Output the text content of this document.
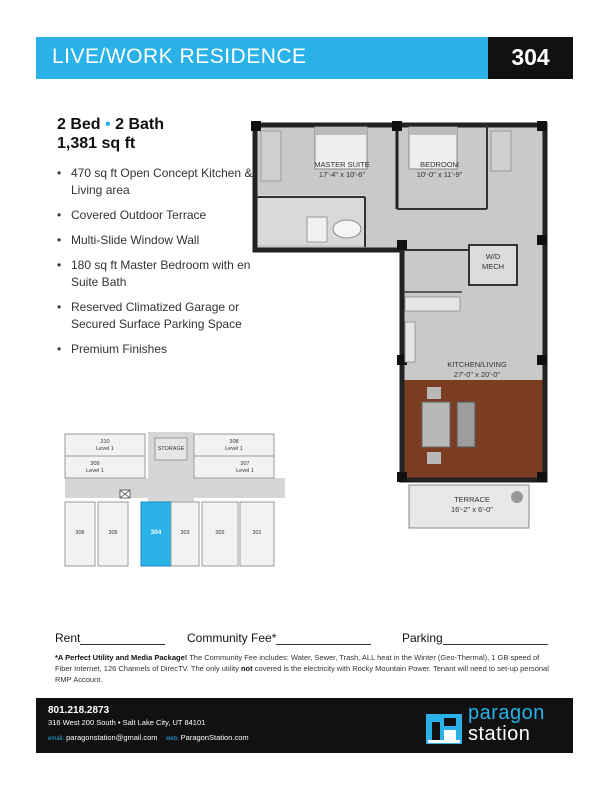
LIVE/WORK RESIDENCE	304
2 Bed • 2 Bath
1,381 sq ft
• 470 sq ft Open Concept Kitchen & Living area
• Covered Outdoor Terrace
• Multi-Slide Window Wall
• 180 sq ft Master Bedroom with en Suite Bath
• Reserved Climatized Garage or Secured Surface Parking Space
• Premium Finishes
MASTER SUITE
17'-4" x 10'-6"
BEDROOM
10'-0" x 11'-9"
W/D
MECH
KITCHEN/LIVING
27'-0" x 20'-0"
TERRACE
16'-2" x 6'-0"
310
Level 1
308
Level 1
309
Level 1
307
Level 1
STORAGE
306	305	304	303	302	301
Rent	Community Fee*	Parking
*A Perfect Utility and Media Package! The Community Fee includes: Water, Sewer, Trash, ALL heat in the Winter (Geo-Thermal), 1 GB speed of Fiber Internet, 126 Channels of DirecTV. The only utility not covered is the electricity with Rocky Mountain Power. Tenant will need to set-up personal RMP Account.
801.218.2873
316 West 200 South • Salt Lake City, UT 84101
email: paragonstation@gmail.com web: ParagonStation.com
paragon
station
